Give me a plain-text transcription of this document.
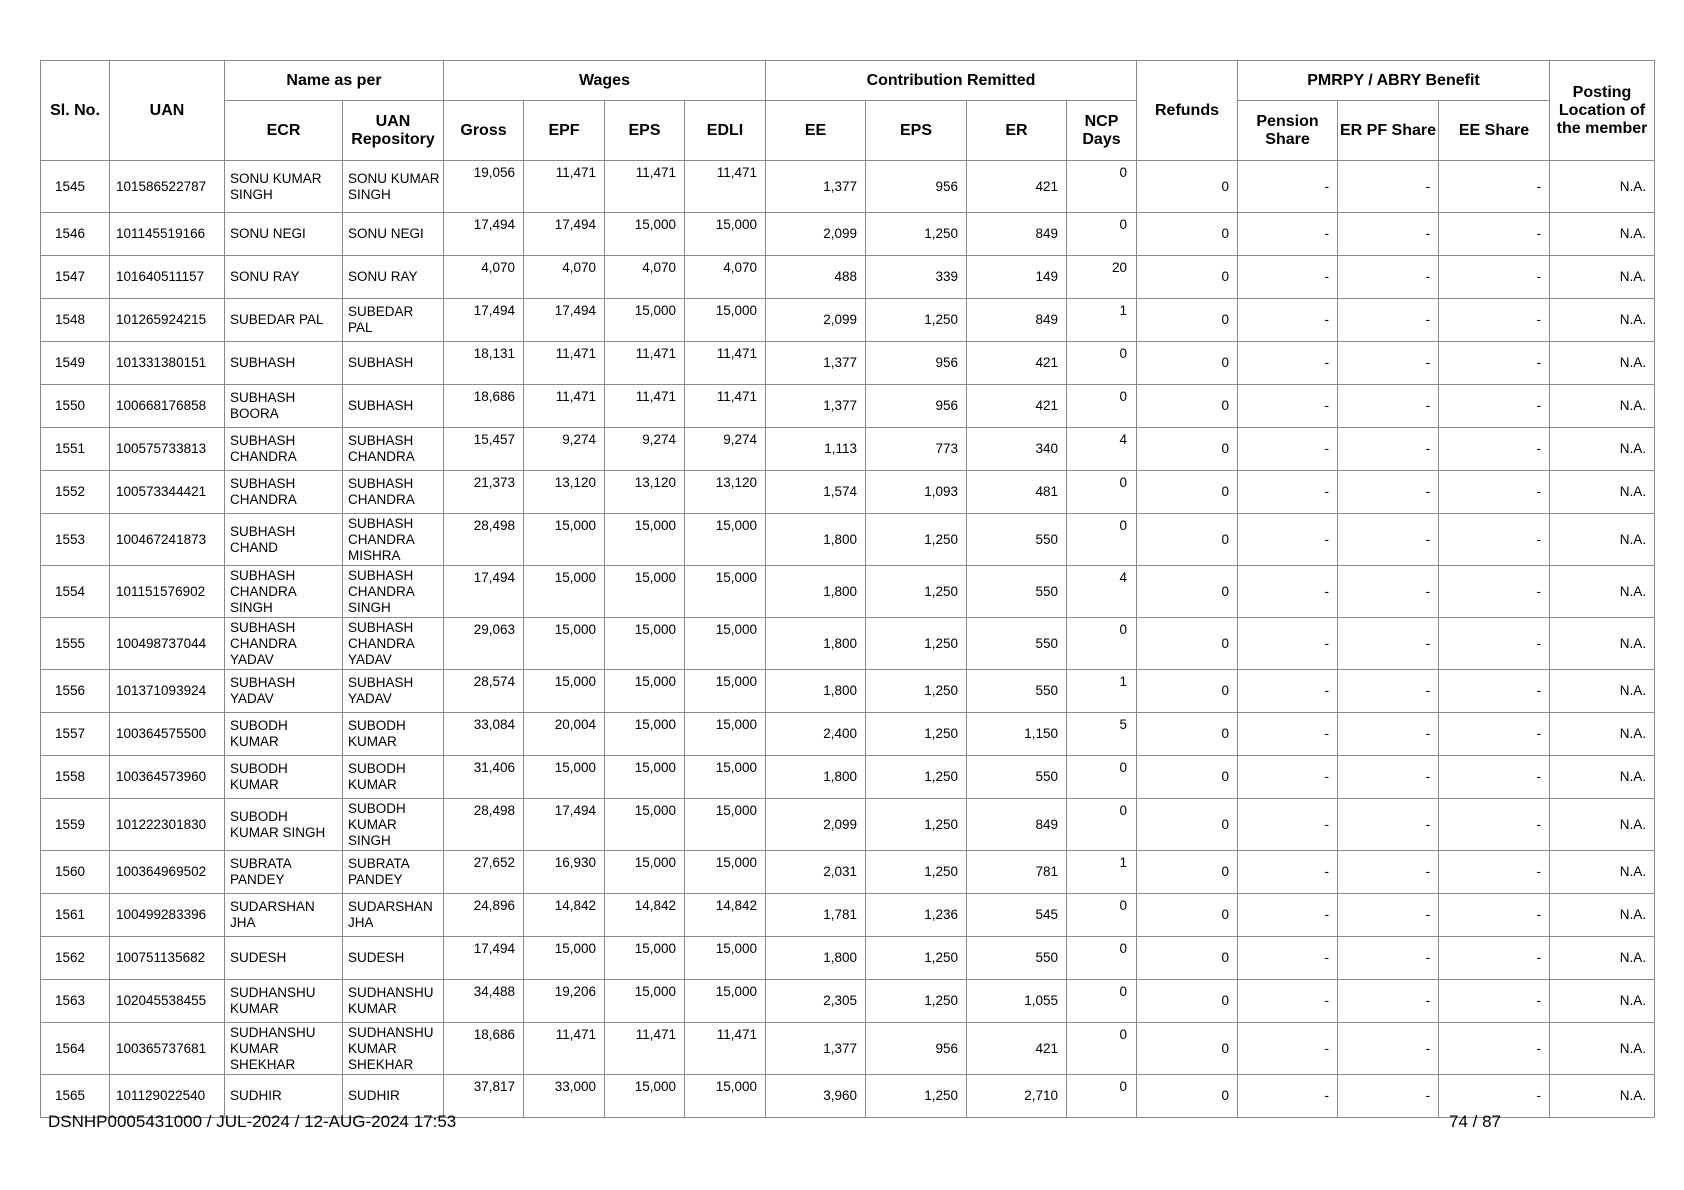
Sl. No.	UAN	Name as per		Wages				Contribution Remitted				Refunds	PMRPY / ABRY Benefit			Posting Location of the member
		ECR	UAN Repository	Gross	EPF	EPS	EDLI	EE	EPS	ER	NCP Days		Pension Share	ER PF Share	EE Share	
1545	101586522787	SONU KUMAR SINGH	SONU KUMAR SINGH	19,056	11,471	11,471	11,471	1,377	956	421	0	0	-	-	-	N.A.
1546	101145519166	SONU NEGI	SONU NEGI	17,494	17,494	15,000	15,000	2,099	1,250	849	0	0	-	-	-	N.A.
1547	101640511157	SONU RAY	SONU RAY	4,070	4,070	4,070	4,070	488	339	149	20	0	-	-	-	N.A.
1548	101265924215	SUBEDAR PAL	SUBEDAR PAL	17,494	17,494	15,000	15,000	2,099	1,250	849	1	0	-	-	-	N.A.
1549	101331380151	SUBHASH	SUBHASH	18,131	11,471	11,471	11,471	1,377	956	421	0	0	-	-	-	N.A.
1550	100668176858	SUBHASH BOORA	SUBHASH	18,686	11,471	11,471	11,471	1,377	956	421	0	0	-	-	-	N.A.
1551	100575733813	SUBHASH CHANDRA	SUBHASH CHANDRA	15,457	9,274	9,274	9,274	1,113	773	340	4	0	-	-	-	N.A.
1552	100573344421	SUBHASH CHANDRA	SUBHASH CHANDRA	21,373	13,120	13,120	13,120	1,574	1,093	481	0	0	-	-	-	N.A.
1553	100467241873	SUBHASH CHAND	SUBHASH CHANDRA MISHRA	28,498	15,000	15,000	15,000	1,800	1,250	550	0	0	-	-	-	N.A.
1554	101151576902	SUBHASH CHANDRA SINGH	SUBHASH CHANDRA SINGH	17,494	15,000	15,000	15,000	1,800	1,250	550	4	0	-	-	-	N.A.
1555	100498737044	SUBHASH CHANDRA YADAV	SUBHASH CHANDRA YADAV	29,063	15,000	15,000	15,000	1,800	1,250	550	0	0	-	-	-	N.A.
1556	101371093924	SUBHASH YADAV	SUBHASH YADAV	28,574	15,000	15,000	15,000	1,800	1,250	550	1	0	-	-	-	N.A.
1557	100364575500	SUBODH KUMAR	SUBODH KUMAR	33,084	20,004	15,000	15,000	2,400	1,250	1,150	5	0	-	-	-	N.A.
1558	100364573960	SUBODH KUMAR	SUBODH KUMAR	31,406	15,000	15,000	15,000	1,800	1,250	550	0	0	-	-	-	N.A.
1559	101222301830	SUBODH KUMAR SINGH	SUBODH KUMAR SINGH	28,498	17,494	15,000	15,000	2,099	1,250	849	0	0	-	-	-	N.A.
1560	100364969502	SUBRATA PANDEY	SUBRATA PANDEY	27,652	16,930	15,000	15,000	2,031	1,250	781	1	0	-	-	-	N.A.
1561	100499283396	SUDARSHAN JHA	SUDARSHAN JHA	24,896	14,842	14,842	14,842	1,781	1,236	545	0	0	-	-	-	N.A.
1562	100751135682	SUDESH	SUDESH	17,494	15,000	15,000	15,000	1,800	1,250	550	0	0	-	-	-	N.A.
1563	102045538455	SUDHANSHU KUMAR	SUDHANSHU KUMAR	34,488	19,206	15,000	15,000	2,305	1,250	1,055	0	0	-	-	-	N.A.
1564	100365737681	SUDHANSHU KUMAR SHEKHAR	SUDHANSHU KUMAR SHEKHAR	18,686	11,471	11,471	11,471	1,377	956	421	0	0	-	-	-	N.A.
1565	101129022540	SUDHIR	SUDHIR	37,817	33,000	15,000	15,000	3,960	1,250	2,710	0	0	-	-	-	N.A.
DSNHP0005431000 / JUL-2024 / 12-AUG-2024 17:53	74 / 87
